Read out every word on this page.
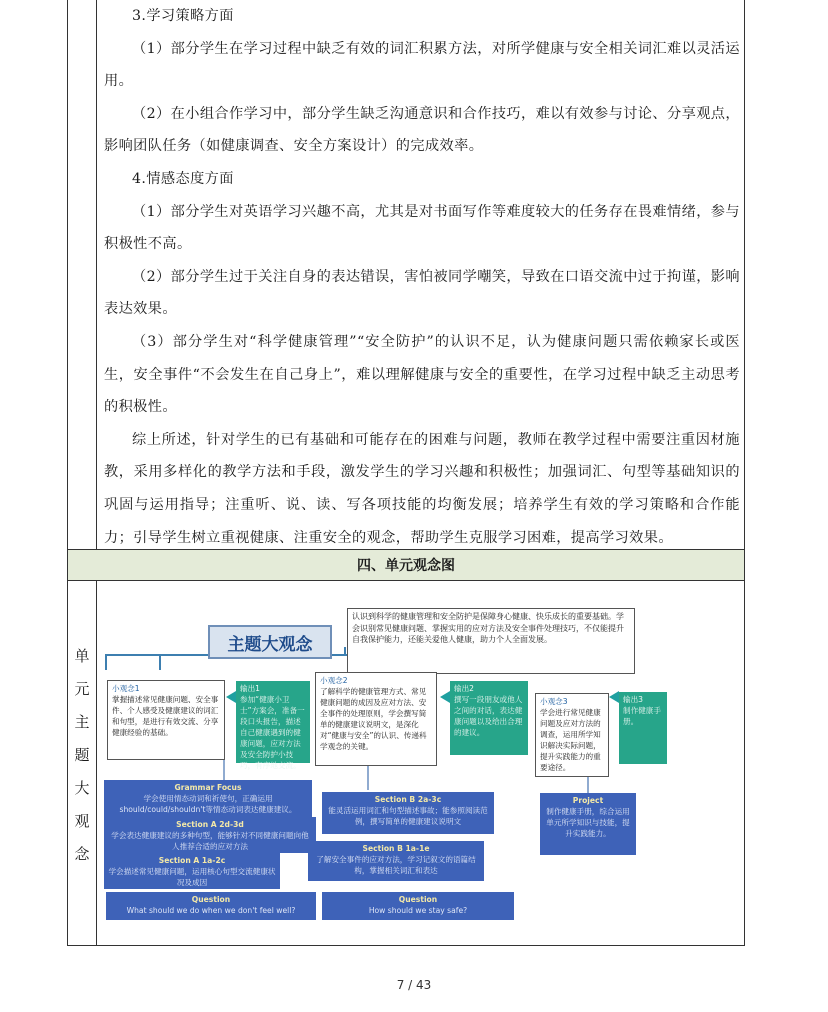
3.学习策略方面

（1）部分学生在学习过程中缺乏有效的词汇积累方法，对所学健康与安全相关词汇难以灵活运用。

（2）在小组合作学习中，部分学生缺乏沟通意识和合作技巧，难以有效参与讨论、分享观点，影响团队任务（如健康调查、安全方案设计）的完成效率。

4.情感态度方面

（1）部分学生对英语学习兴趣不高，尤其是对书面写作等难度较大的任务存在畏难情绪，参与积极性不高。

（2）部分学生过于关注自身的表达错误，害怕被同学嘲笑，导致在口语交流中过于拘谨，影响表达效果。

（3）部分学生对“科学健康管理”“安全防护”的认识不足，认为健康问题只需依赖家长或医生，安全事件“不会发生在自己身上”，难以理解健康与安全的重要性，在学习过程中缺乏主动思考的积极性。

综上所述，针对学生的已有基础和可能存在的困难与问题，教师在教学过程中需要注重因材施教，采用多样化的教学方法和手段，激发学生的学习兴趣和积极性；加强词汇、句型等基础知识的巩固与运用指导；注重听、说、读、写各项技能的均衡发展；培养学生有效的学习策略和合作能力；引导学生树立重视健康、注重安全的观念，帮助学生克服学习困难，提高学习效果。

四、单元观念图
单
元
主
题
大
观
念
主题大观念
认识到科学的健康管理和安全防护是保障身心健康、快乐成长的重要基础。学会识别常见健康问题、掌握实用的应对方法及安全事件处理技巧，不仅能提升自我保护能力，还能关爱他人健康，助力个人全面发展。
小观念1
掌握描述常见健康问题、安全事件、个人感受及健康建议的词汇和句型，是进行有效交流、分享健康经验的基础。
输出1
参加“健康小卫士”方案会，准备一段口头报告，描述自己健康遇到的健康问题，应对方法及安全防护小技巧，有序地交流。
小观念2
了解科学的健康管理方式、常见健康问题的成因及应对方法、安全事件的处理原则，学会撰写简单的健康建议说明文，是深化对“健康与安全”的认识、传递科学观念的关键。
输出2
撰写一段朋友或他人之间的对话，表达健康问题以及给出合理的建议。
小观念3
学会进行常见健康问题及应对方法的调查，运用所学知识解决实际问题，提升实践能力的重要途径。
输出3
制作健康手册。
Grammar Focus
学会使用情态动词和祈使句，正确运用 should/could/shouldn't等情态动词表达健康建议。
Section A 2d-3d
学会表达健康建议的多种句型，能够针对不同健康问题向他人推荐合适的应对方法
Section A 1a-2c
学会描述常见健康问题，运用核心句型交流健康状况及成因
Question
What should we do when we don't feel well?
Section B 2a-3c
能灵活运用词汇和句型描述事故；能参照阅读范例，撰写简单的健康建议说明文
Section B 1a-1e
了解安全事件的应对方法，学习记叙文的语篇结构，掌握相关词汇和表达
Question
How should we stay safe?
Project
制作健康手册，综合运用单元所学知识与技能，提升实践能力。
7 / 43
